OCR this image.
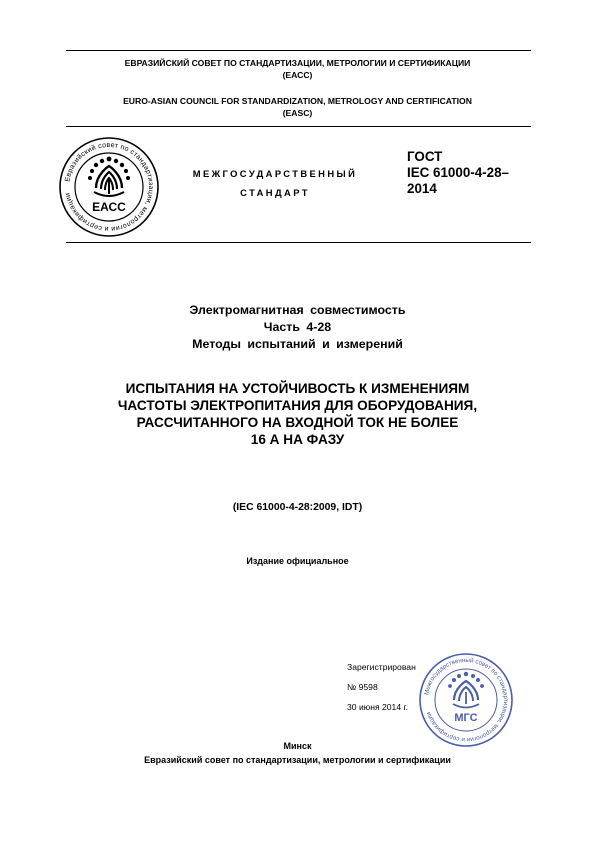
ЕВРАЗИЙСКИЙ СОВЕТ ПО СТАНДАРТИЗАЦИИ, МЕТРОЛОГИИ И СЕРТИФИКАЦИИ
(ЕАСС)
EURO-ASIAN COUNCIL FOR STANDARDIZATION, METROLOGY AND CERTIFICATION
(EASC)
Евразийский совет по стандартизации, метрологии и сертификации
ЕАСС
МЕЖГОСУДАРСТВЕННЫЙ
СТАНДАРТ
ГОСТ
IEC 61000-4-28–
2014
Электромагнитная совместимость
Часть 4-28
Методы испытаний и измерений
ИСПЫТАНИЯ НА УСТОЙЧИВОСТЬ К ИЗМЕНЕНИЯМ
ЧАСТОТЫ ЭЛЕКТРОПИТАНИЯ ДЛЯ ОБОРУДОВАНИЯ,
РАССЧИТАННОГО НА ВХОДНОЙ ТОК НЕ БОЛЕЕ
16 А НА ФАЗУ
(IEC 61000-4-28:2009, IDT)
Издание официальное
Межгосударственный совет по стандартизации, метрологии и сертификации	МГС
Зарегистрирован
№ 9598
30 июня 2014 г.
Минск
Евразийский совет по стандартизации, метрологии и сертификации
